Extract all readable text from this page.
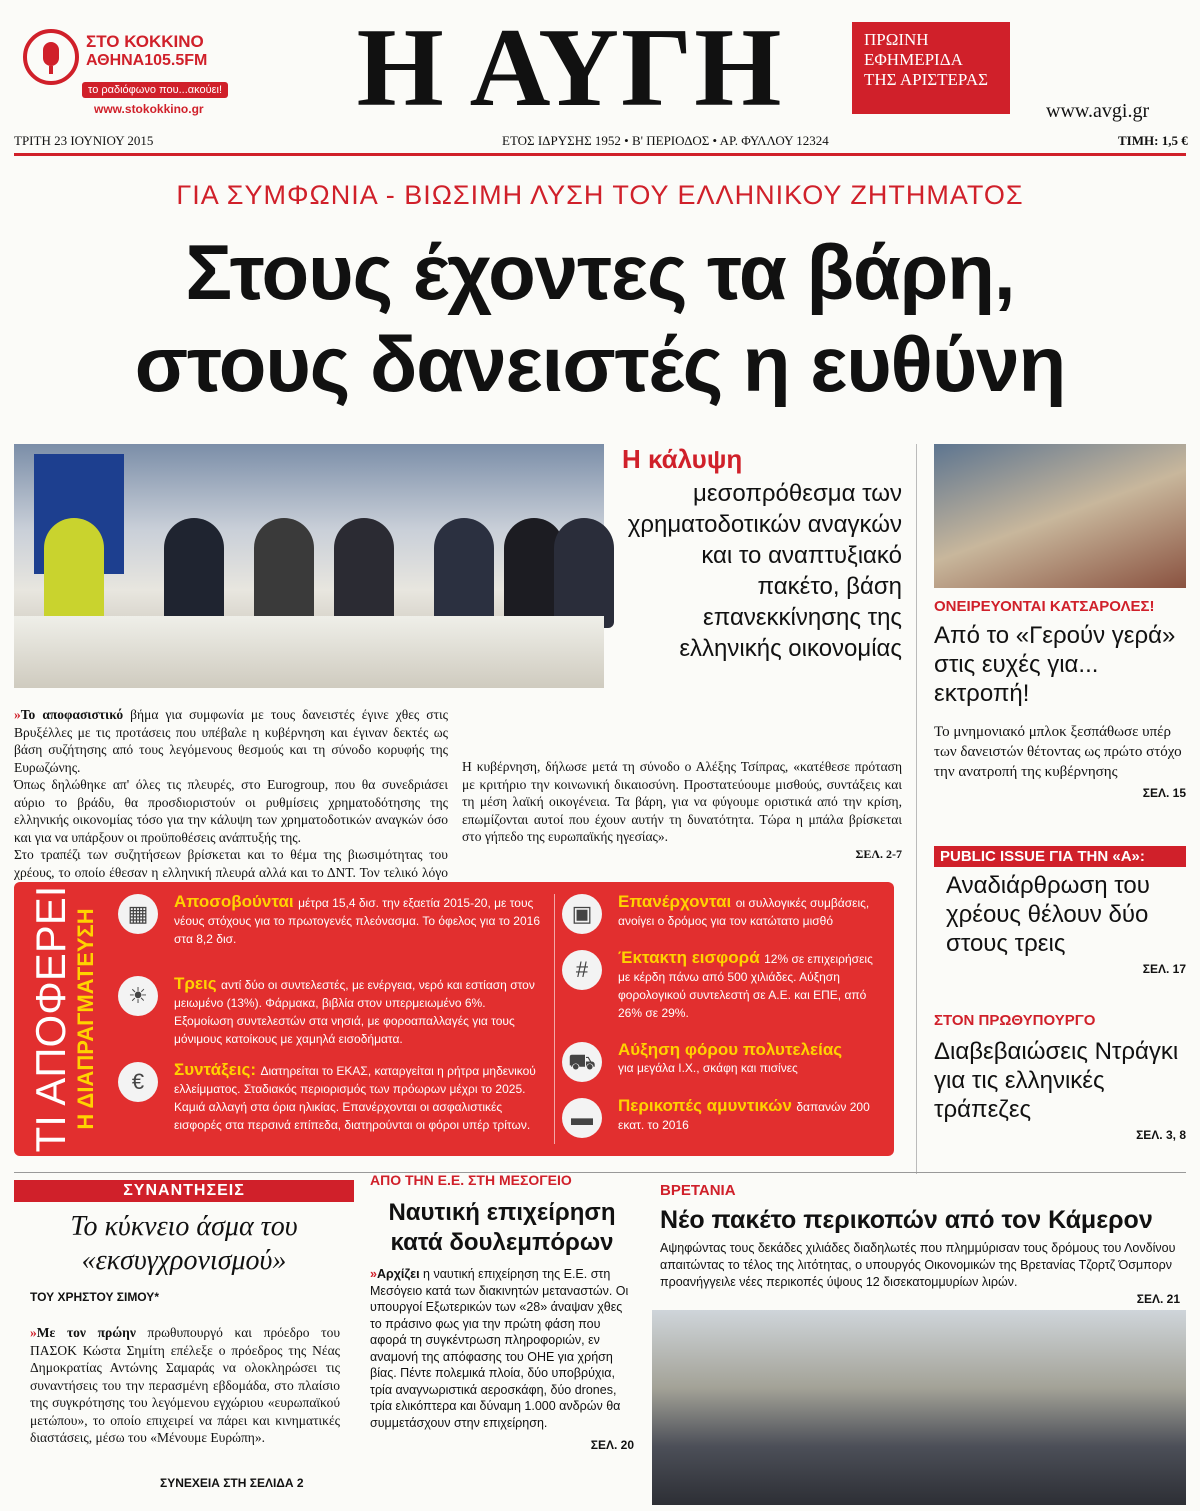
ΣΤΟ ΚΟΚΚΙΝΟ
ΑΘΗΝΑ105.5FM
το ραδιόφωνο που...ακούει!
www.stokokkino.gr	Η ΑΥΓΗ	ΠΡΩΙΝΗ
ΕΦΗΜΕΡΙΔΑ
ΤΗΣ ΑΡΙΣΤΕΡΑΣ
www.avgi.gr
ΤΡΙΤΗ 23 ΙΟΥΝΙΟΥ 2015	ΕΤΟΣ ΙΔΡΥΣΗΣ 1952 • Β' ΠΕΡΙΟΔΟΣ • ΑΡ. ΦΥΛΛΟΥ 12324	ΤΙΜΗ: 1,5 €
ΓΙΑ ΣΥΜΦΩΝΙΑ - ΒΙΩΣΙΜΗ ΛΥΣΗ ΤΟΥ ΕΛΛΗΝΙΚΟΥ ΖΗΤΗΜΑΤΟΣ
Στους έχοντες τα βάρη,
στους δανειστές η ευθύνη
Η κάλυψη
μεσοπρόθεσμα των χρηματοδοτικών αναγκών και το αναπτυξιακό πακέτο, βάση επανεκκίνησης της ελληνικής οικονομίας
»Το αποφασιστικό βήμα για συμφωνία με τους δανειστές έγινε χθες στις Βρυξέλλες με τις προτάσεις που υπέβαλε η κυβέρνηση και έγιναν δεκτές ως βάση συζήτησης από τους λεγόμενους θεσμούς και τη σύνοδο κορυφής της Ευρωζώνης.
Όπως δηλώθηκε απ' όλες τις πλευρές, στο Eurogroup, που θα συνεδριάσει αύριο το βράδυ, θα προσδιοριστούν οι ρυθμίσεις χρηματοδότησης της ελληνικής οικονομίας τόσο για την κάλυψη των χρηματοδοτικών αναγκών όσο και για να υπάρξουν οι προϋποθέσεις ανάπτυξής της.
Στο τραπέζι των συζητήσεων βρίσκεται και το θέμα της βιωσιμότητας του χρέους, το οποίο έθεσαν η ελληνική πλευρά αλλά και το ΔΝΤ. Τον τελικό λόγο
Η κυβέρνηση, δήλωσε μετά τη σύνοδο ο Αλέξης Τσίπρας, «κατέθεσε πρόταση με κριτήριο την κοινωνική δικαιοσύνη. Προστατεύουμε μισθούς, συντάξεις και τη μέση λαϊκή οικογένεια. Τα βάρη, για να φύγουμε οριστικά από την κρίση, επωμίζονται αυτοί που έχουν αυτήν τη δυνατότητα. Τώρα η μπάλα βρίσκεται στο γήπεδο της ευρωπαϊκής ηγεσίας».
ΣΕΛ. 2-7
ΟΝΕΙΡΕΥΟΝΤΑΙ ΚΑΤΣΑΡΟΛΕΣ!
Από το «Γερούν γερά» στις ευχές για... εκτροπή!
Το μνημονιακό μπλοκ ξεσπάθωσε υπέρ των δανειστών θέτοντας ως πρώτο στόχο την ανατροπή της κυβέρνησης
ΣΕΛ. 15
PUBLIC ISSUE ΓΙΑ ΤΗΝ «Α»:
Αναδιάρθρωση του χρέους θέλουν δύο στους τρεις
ΣΕΛ. 17
ΣΤΟΝ ΠΡΩΘΥΠΟΥΡΓΟ
Διαβεβαιώσεις Ντράγκι για τις ελληνικές τράπεζες
ΣΕΛ. 3, 8
ΤΙ ΑΠΟΦΕΡΕΙ Η ΔΙΑΠΡΑΓΜΑΤΕΥΣΗ	▦	Αποσοβούνται μέτρα 15,4 δισ. την εξαετία 2015-20, με τους νέους στόχους για το πρωτογενές πλεόνασμα. Το όφελος για το 2016 στα 8,2 δισ.
☀	Τρεις αντί δύο οι συντελεστές, με ενέργεια, νερό και εστίαση στον μειωμένο (13%). Φάρμακα, βιβλία στον υπερμειωμένο 6%. Εξομοίωση συντελεστών στα νησιά, με φοροαπαλλαγές για τους μόνιμους κατοίκους με χαμηλά εισοδήματα.
€	Συντάξεις: Διατηρείται το ΕΚΑΣ, καταργείται η ρήτρα μηδενικού ελλείμματος. Σταδιακός περιορισμός των πρόωρων μέχρι το 2025. Καμιά αλλαγή στα όρια ηλικίας. Επανέρχονται οι ασφαλιστικές εισφορές στα περσινά επίπεδα, διατηρούνται οι φόροι υπέρ τρίτων.
▣	Επανέρχονται οι συλλογικές συμβάσεις, ανοίγει ο δρόμος για τον κατώτατο μισθό
#	Έκτακτη εισφορά 12% σε επιχειρήσεις με κέρδη πάνω από 500 χιλιάδες. Αύξηση φορολογικού συντελεστή σε Α.Ε. και ΕΠΕ, από 26% σε 29%.
⛟	Αύξηση φόρου πολυτελείας
για μεγάλα Ι.Χ., σκάφη και πισίνες
▬	Περικοπές αμυντικών δαπανών 200 εκατ. το 2016
ΣΥΝΑΝΤΗΣΕΙΣ
Το κύκνειο άσμα του «εκσυγχρονισμού»
ΤΟΥ ΧΡΗΣΤΟΥ ΣΙΜΟΥ*
»Με τον πρώην πρωθυπουργό και πρόεδρο του ΠΑΣΟΚ Κώστα Σημίτη επέλεξε ο πρόεδρος της Νέας Δημοκρατίας Αντώνης Σαμαράς να ολοκληρώσει τις συναντήσεις του την περασμένη εβδομάδα, στο πλαίσιο της συγκρότησης του λεγόμενου εγχώριου «ευρωπαϊκού μετώπου», το οποίο επιχειρεί να πάρει και κινηματικές διαστάσεις, μέσω του «Μένουμε Ευρώπη».
ΣΥΝΕΧΕΙΑ ΣΤΗ ΣΕΛΙΔΑ 2
ΑΠΟ ΤΗΝ Ε.Ε. ΣΤΗ ΜΕΣΟΓΕΙΟ
Ναυτική επιχείρηση κατά δουλεμπόρων
»Αρχίζει η ναυτική επιχείρηση της Ε.Ε. στη Μεσόγειο κατά των διακινητών μεταναστών. Οι υπουργοί Εξωτερικών των «28» άναψαν χθες το πράσινο φως για την πρώτη φάση που αφορά τη συγκέντρωση πληροφοριών, εν αναμονή της απόφασης του ΟΗΕ για χρήση βίας. Πέντε πολεμικά πλοία, δύο υποβρύχια, τρία αναγνωριστικά αεροσκάφη, δύο drones, τρία ελικόπτερα και δύναμη 1.000 ανδρών θα συμμετάσχουν στην επιχείρηση.
ΣΕΛ. 20
ΒΡΕΤΑΝΙΑ
Νέο πακέτο περικοπών από τον Κάμερον
Αψηφώντας τους δεκάδες χιλιάδες διαδηλωτές που πλημμύρισαν τους δρόμους του Λονδίνου απαιτώντας το τέλος της λιτότητας, ο υπουργός Οικονομικών της Βρετανίας Τζορτζ Όσμπορν προανήγγειλε νέες περικοπές ύψους 12 δισεκατομμυρίων λιρών.
ΣΕΛ. 21
